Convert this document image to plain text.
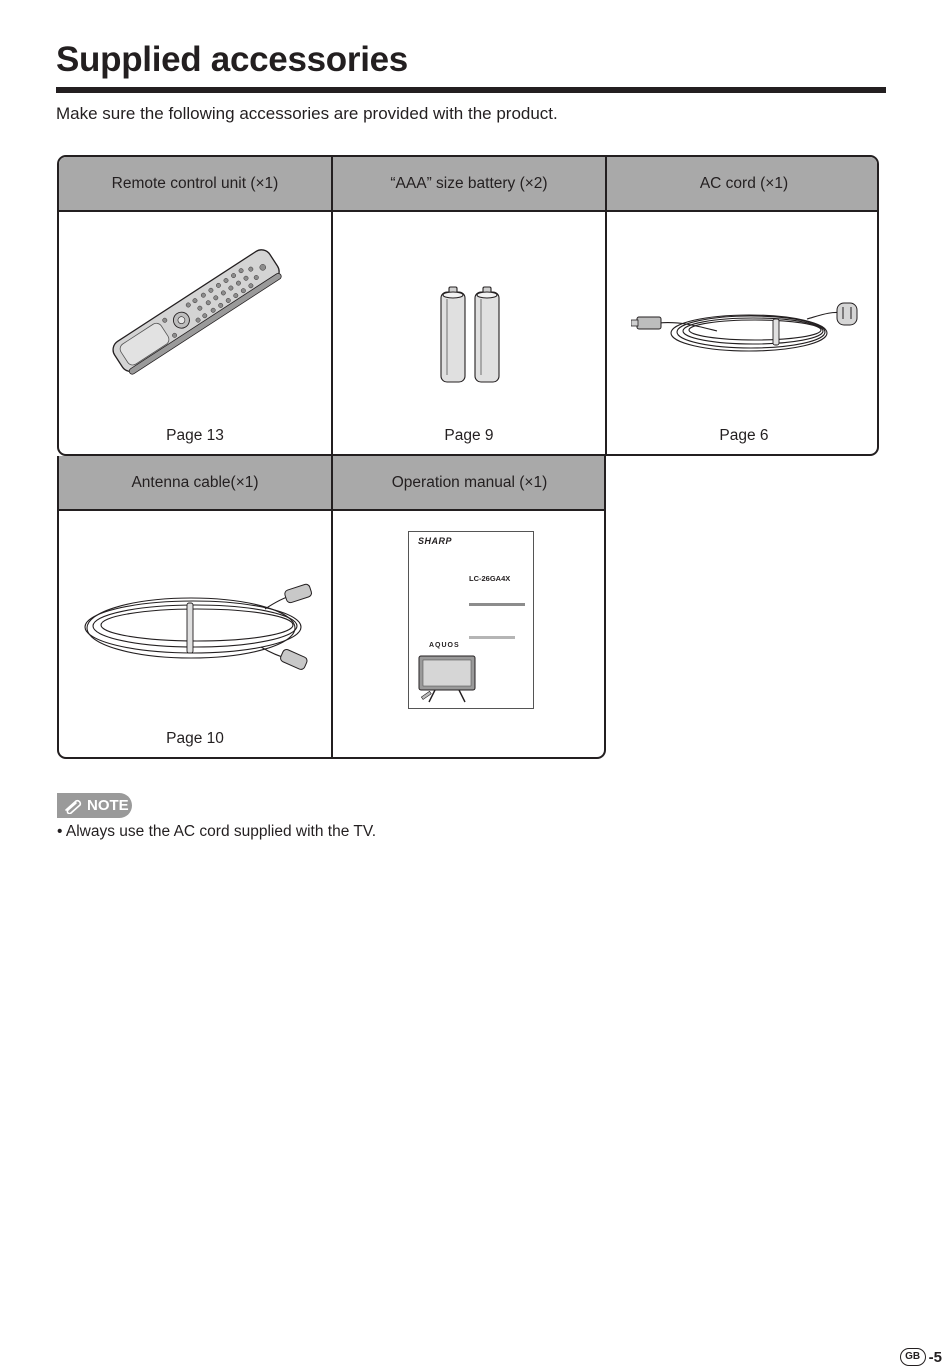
Supplied accessories

Make sure the following accessories are provided with the product.

Remote control unit (×1)
Page 13
“AAA” size battery (×2)
Page 9
AC cord (×1)
Page 6
Antenna cable(×1)
Page 10
Operation manual (×1)
SHARP
LC-26GA4X
AQUOS
NOTE
• Always use the AC cord supplied with the TV.
GB -5
